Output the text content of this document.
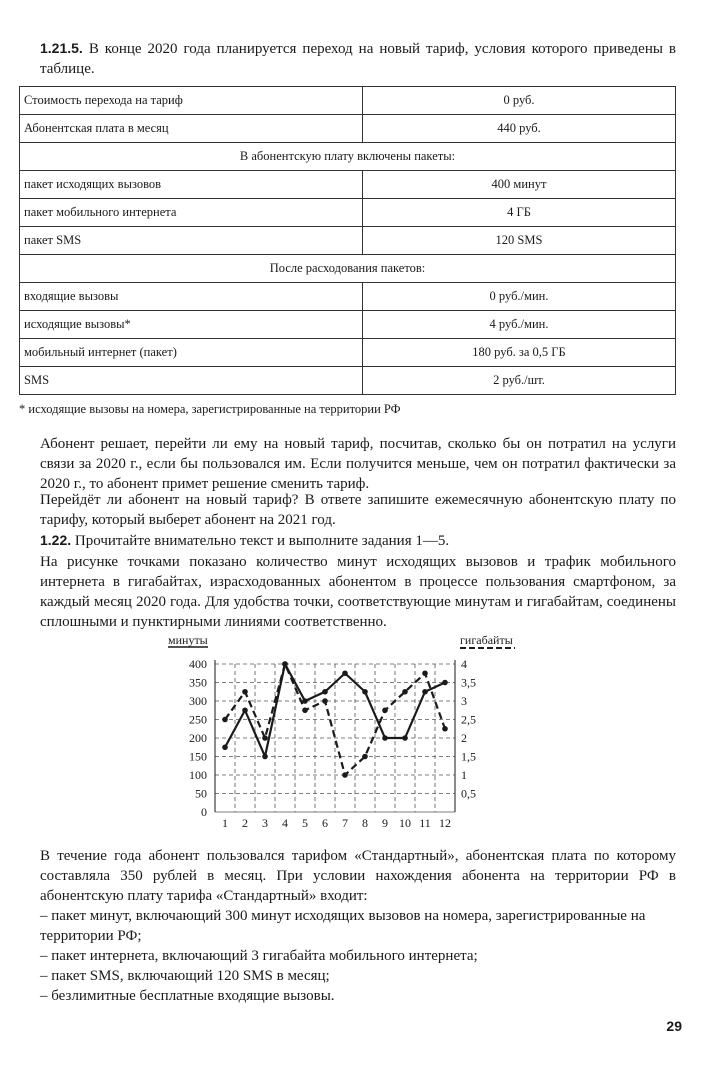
1.21.5. В конце 2020 года планируется переход на новый тариф, условия которого приведены в таблице.

Стоимость перехода на тариф	0 руб.
Абонентская плата в месяц	440 руб.
В абонентскую плату включены пакеты:	
пакет исходящих вызовов	400 минут
пакет мобильного интернета	4 ГБ
пакет SMS	120 SMS
После расходования пакетов:	
входящие вызовы	0 руб./мин.
исходящие вызовы*	4 руб./мин.
мобильный интернет (пакет)	180 руб. за 0,5 ГБ
SMS	2 руб./шт.

* исходящие вызовы на номера, зарегистрированные на территории РФ

Абонент решает, перейти ли ему на новый тариф, посчитав, сколько бы он потратил на услуги связи за 2020 г., если бы пользовался им. Если получится меньше, чем он потратил фактически за 2020 г., то абонент примет решение сменить тариф.

Перейдёт ли абонент на новый тариф? В ответе запишите ежемесячную абонентскую плату по тарифу, который выберет абонент на 2021 год.

1.22. Прочитайте внимательно текст и выполните задания 1—5.

На рисунке точками показано количество минут исходящих вызовов и трафик мобильного интернета в гигабайтах, израсходованных абонентом в процессе пользования смартфоном, за каждый месяц 2020 года. Для удобства точки, соответствующие минутам и гигабайтам, соединены сплошными и пунктирными линиями соответственно.

0
50
100
150
200
250
300
350
400
0,5
1
1,5
2
2,5
3
3,5
4
1 2 3 4 5 6 7 8 9 10 11 12
минуты	гигабайты

В течение года абонент пользовался тарифом «Стандартный», абонентская плата по которому составляла 350 рублей в месяц. При условии нахождения абонента на территории РФ в абонентскую плату тарифа «Стандартный» входит:

– пакет минут, включающий 300 минут исходящих вызовов на номера, зарегистрированные на территории РФ;

– пакет интернета, включающий 3 гигабайта мобильного интернета;

– пакет SMS, включающий 120 SMS в месяц;

– безлимитные бесплатные входящие вызовы.

29
